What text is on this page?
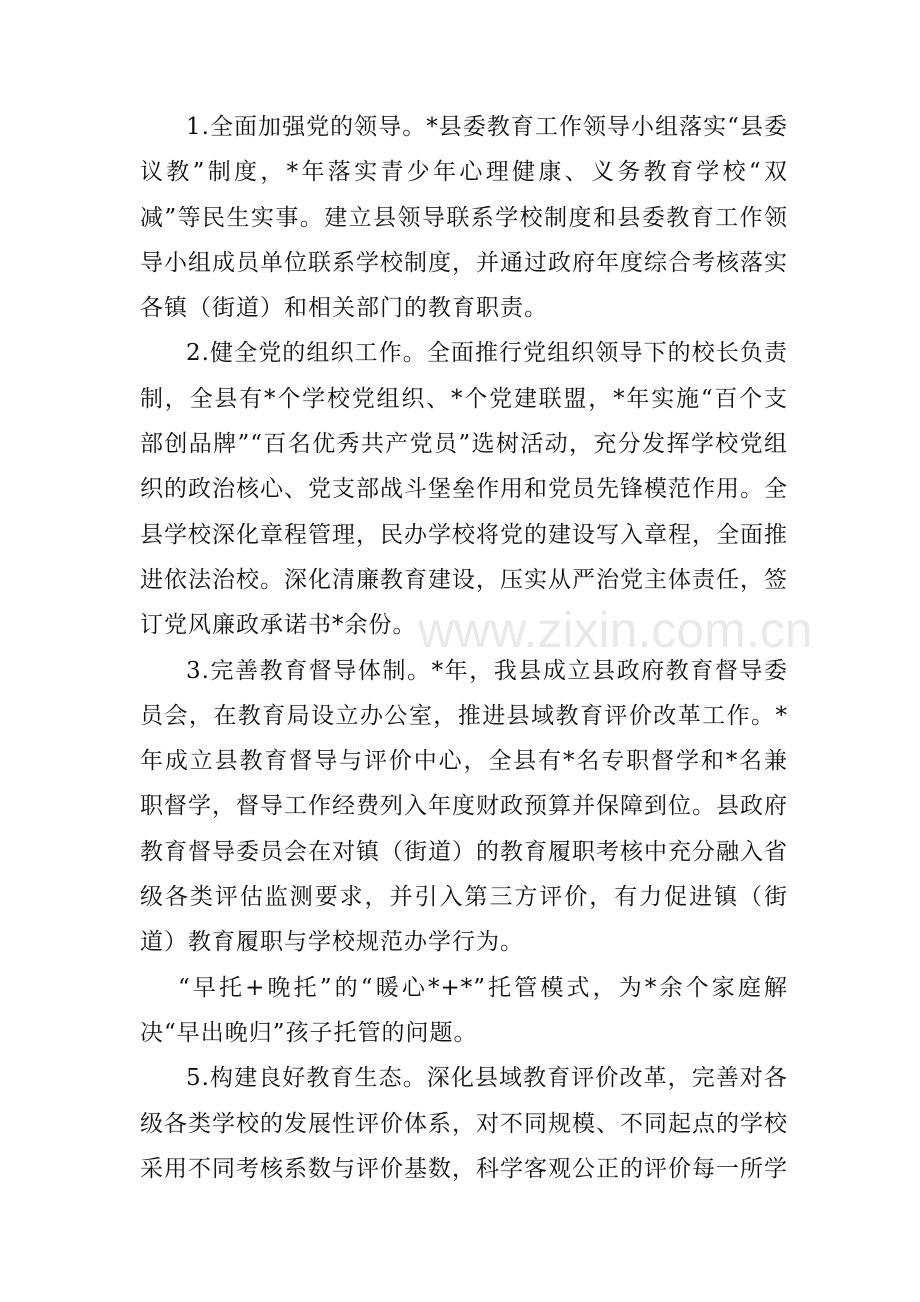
1.全面加强党的领导。*县委教育工作领导小组落实“县委议教”制度，*年落实青少年心理健康、义务教育学校“双减”等民生实事。建立县领导联系学校制度和县委教育工作领导小组成员单位联系学校制度，并通过政府年度综合考核落实各镇（街道）和相关部门的教育职责。

2.健全党的组织工作。全面推行党组织领导下的校长负责制，全县有*个学校党组织、*个党建联盟，*年实施“百个支部创品牌”“百名优秀共产党员”选树活动，充分发挥学校党组织的政治核心、党支部战斗堡垒作用和党员先锋模范作用。全县学校深化章程管理，民办学校将党的建设写入章程，全面推进依法治校。深化清廉教育建设，压实从严治党主体责任，签订党风廉政承诺书*余份。

3.完善教育督导体制。*年，我县成立县政府教育督导委员会，在教育局设立办公室，推进县域教育评价改革工作。*年成立县教育督导与评价中心，全县有*名专职督学和*名兼职督学，督导工作经费列入年度财政预算并保障到位。县政府教育督导委员会在对镇（街道）的教育履职考核中充分融入省级各类评估监测要求，并引入第三方评价，有力促进镇（街道）教育履职与学校规范办学行为。

“早托+晚托”的“暖心*+*”托管模式，为*余个家庭解决“早出晚归”孩子托管的问题。

5.构建良好教育生态。深化县域教育评价改革，完善对各级各类学校的发展性评价体系，对不同规模、不同起点的学校采用不同考核系数与评价基数，科学客观公正的评价每一所学

www.zixin.com.cn
